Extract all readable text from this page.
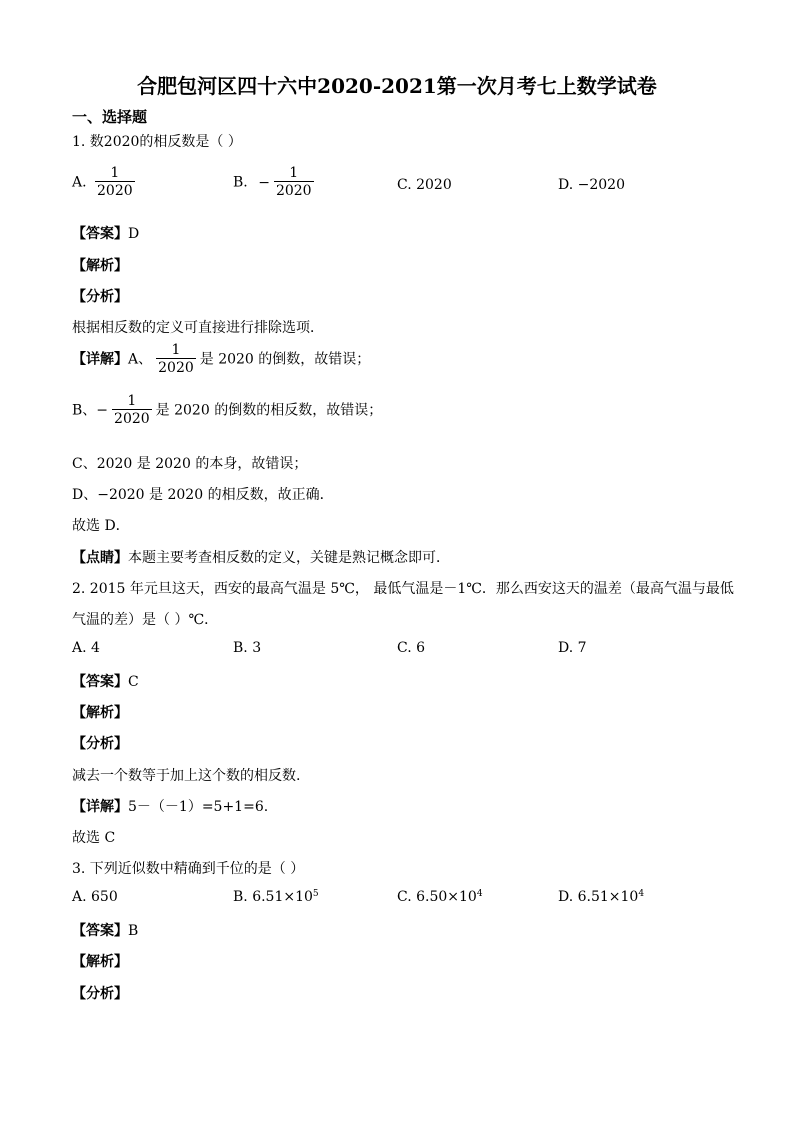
合肥包河区四十六中2020-2021第一次月考七上数学试卷
一、选择题
1. 数2020的相反数是（ ）
A. $\frac{1}{2020}$	B. − $\frac{1}{2020}$	C. 2020	D. −2020
【答案】D
【解析】
【分析】
根据相反数的定义可直接进行排除选项．
【详解】A、 $\frac{1}{2020}$ 是 2020 的倒数，故错误；
B、− $\frac{1}{2020}$ 是 2020 的倒数的相反数，故错误；
C、2020 是 2020 的本身，故错误；
D、−2020 是 2020 的相反数，故正确．
故选 D．
【点睛】本题主要考查相反数的定义，关键是熟记概念即可．
2. 2015 年元旦这天，西安的最高气温是 5℃， 最低气温是－1℃．那么西安这天的温差（最高气温与最低
气温的差）是（ ）℃．
A. 4	B. 3	C. 6	D. 7
【答案】C
【解析】
【分析】
减去一个数等于加上这个数的相反数.
【详解】5－（－1）=5+1=6.
故选 C
3. 下列近似数中精确到千位的是（ ）
A. 650	B. $6.51\times 10^5$	C. $6.50\times 10^4$	D. $6.51\times 10^4$
【答案】B
【解析】
【分析】
